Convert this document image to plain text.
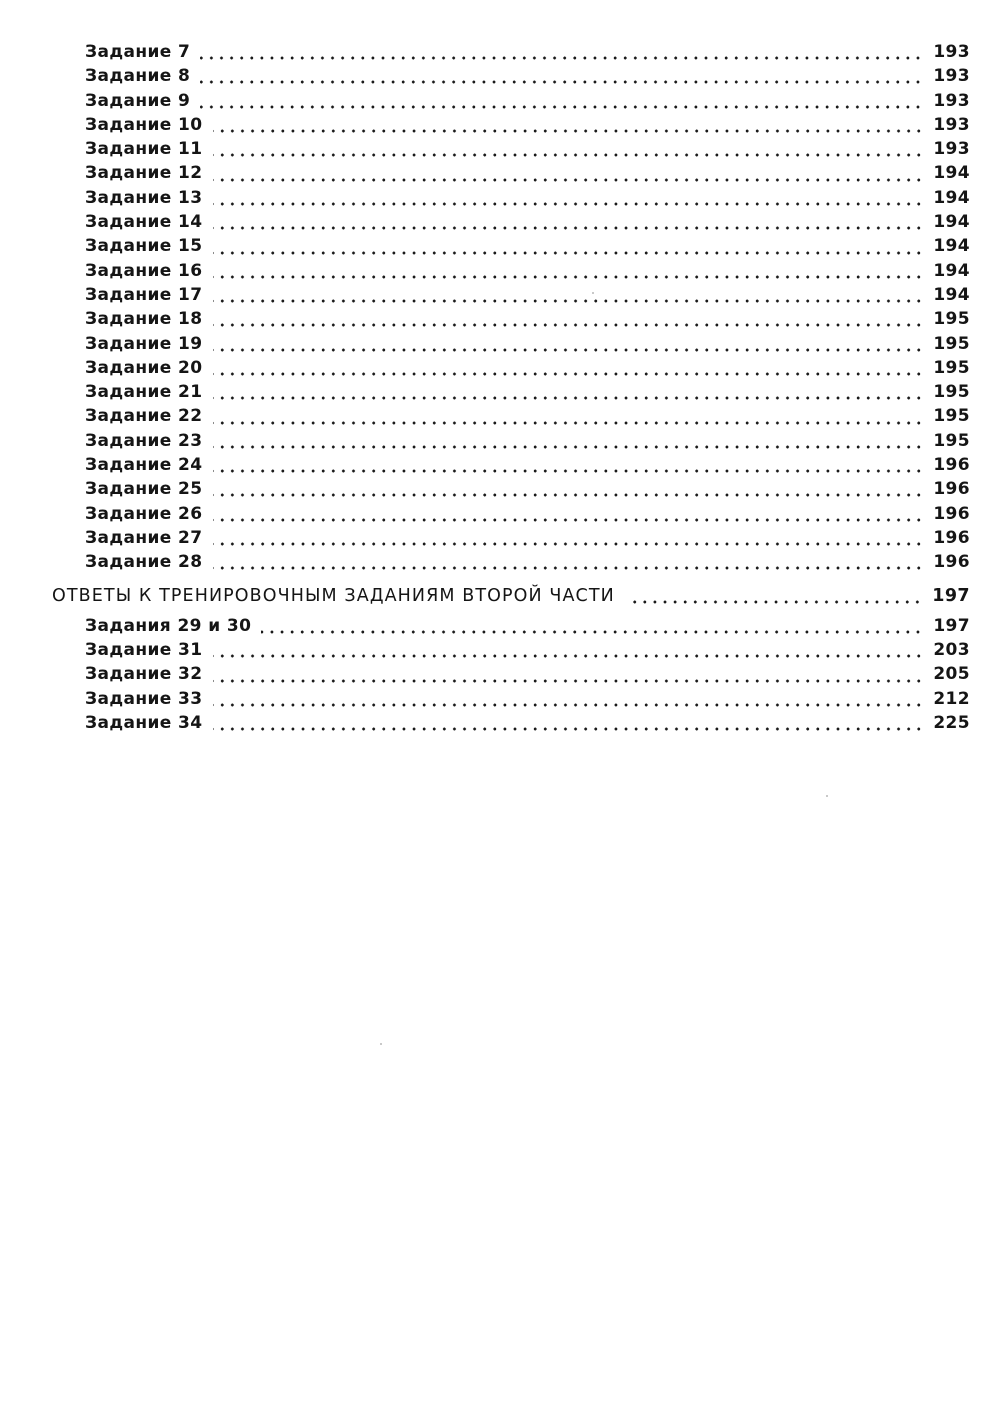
Задание 7	193
Задание 8	193
Задание 9	193
Задание 10	193
Задание 11	193
Задание 12	194
Задание 13	194
Задание 14	194
Задание 15	194
Задание 16	194
Задание 17	194
Задание 18	195
Задание 19	195
Задание 20	195
Задание 21	195
Задание 22	195
Задание 23	195
Задание 24	196
Задание 25	196
Задание 26	196
Задание 27	196
Задание 28	196
ОТВЕТЫ К ТРЕНИРОВОЧНЫМ ЗАДАНИЯМ ВТОРОЙ ЧАСТИ	197
Задания 29 и 30	197
Задание 31	203
Задание 32	205
Задание 33	212
Задание 34	225
